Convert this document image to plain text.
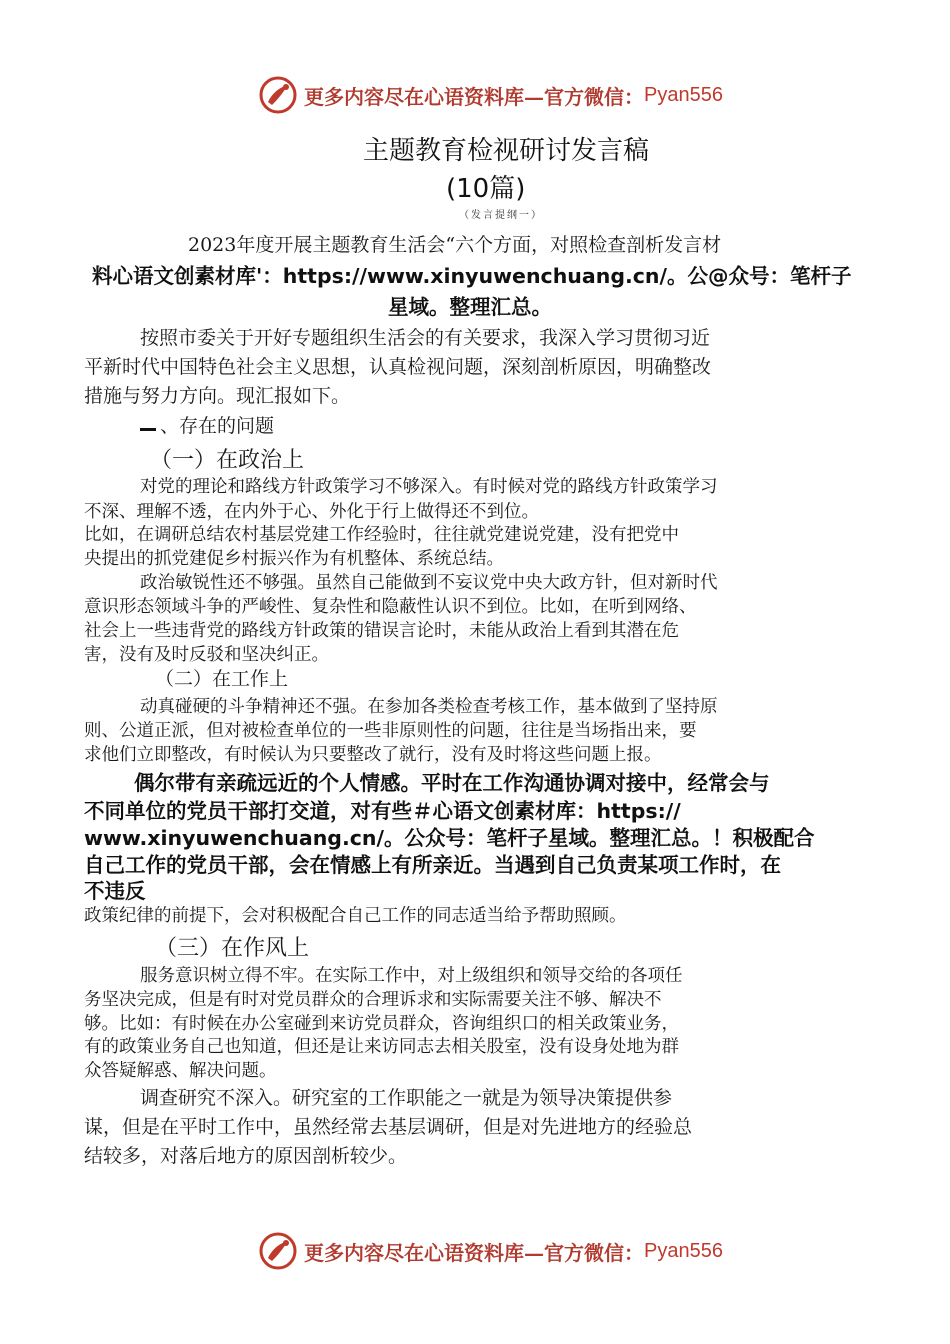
更多内容尽在心语资料库—官方微信： Pyan556
主题教育检视研讨发言稿
(10篇)
（发言提纲一）
2023年度开展主题教育生活会“六个方面，对照检查剖析发言材
料心语文创素材库'：https://www.xinyuwenchuang.cn/。公@众号：笔杆子
星域。整理汇总。
按照市委关于开好专题组织生活会的有关要求，我深入学习贯彻习近
平新时代中国特色社会主义思想，认真检视问题，深刻剖析原因，明确整改
措施与努力方向。现汇报如下。
、存在的问题
（一）在政治上
对党的理论和路线方针政策学习不够深入。有时候对党的路线方针政策学习
不深、理解不透，在内外于心、外化于行上做得还不到位。
比如，在调研总结农村基层党建工作经验时，往往就党建说党建，没有把党中
央提出的抓党建促乡村振兴作为有机整体、系统总结。
政治敏锐性还不够强。虽然自己能做到不妄议党中央大政方针，但对新时代
意识形态领域斗争的严峻性、复杂性和隐蔽性认识不到位。比如，在听到网络、
社会上一些违背党的路线方针政策的错误言论时，未能从政治上看到其潜在危
害，没有及时反驳和坚决纠正。
（二）在工作上
动真碰硬的斗争精神还不强。在参加各类检查考核工作，基本做到了坚持原
则、公道正派，但对被检查单位的一些非原则性的问题，往往是当场指出来，要
求他们立即整改，有时候认为只要整改了就行，没有及时将这些问题上报。
偶尔带有亲疏远近的个人情感。平时在工作沟通协调对接中，经常会与
不同单位的党员干部打交道，对有些＃心语文创素材库：https://
www.xinyuwenchuang.cn/。公众号：笔杆子星域。整理汇总。！积极配合
自己工作的党员干部，会在情感上有所亲近。当遇到自己负责某项工作时，在
不违反
政策纪律的前提下，会对积极配合自己工作的同志适当给予帮助照顾。
（三）在作风上
服务意识树立得不牢。在实际工作中，对上级组织和领导交给的各项任
务坚决完成，但是有时对党员群众的合理诉求和实际需要关注不够、解决不
够。比如：有时候在办公室碰到来访党员群众，咨询组织口的相关政策业务，
有的政策业务自己也知道，但还是让来访同志去相关股室，没有设身处地为群
众答疑解惑、解决问题。
调查研究不深入。研究室的工作职能之一就是为领导决策提供参
谋，但是在平时工作中，虽然经常去基层调研，但是对先进地方的经验总
结较多，对落后地方的原因剖析较少。
更多内容尽在心语资料库—官方微信： Pyan556
